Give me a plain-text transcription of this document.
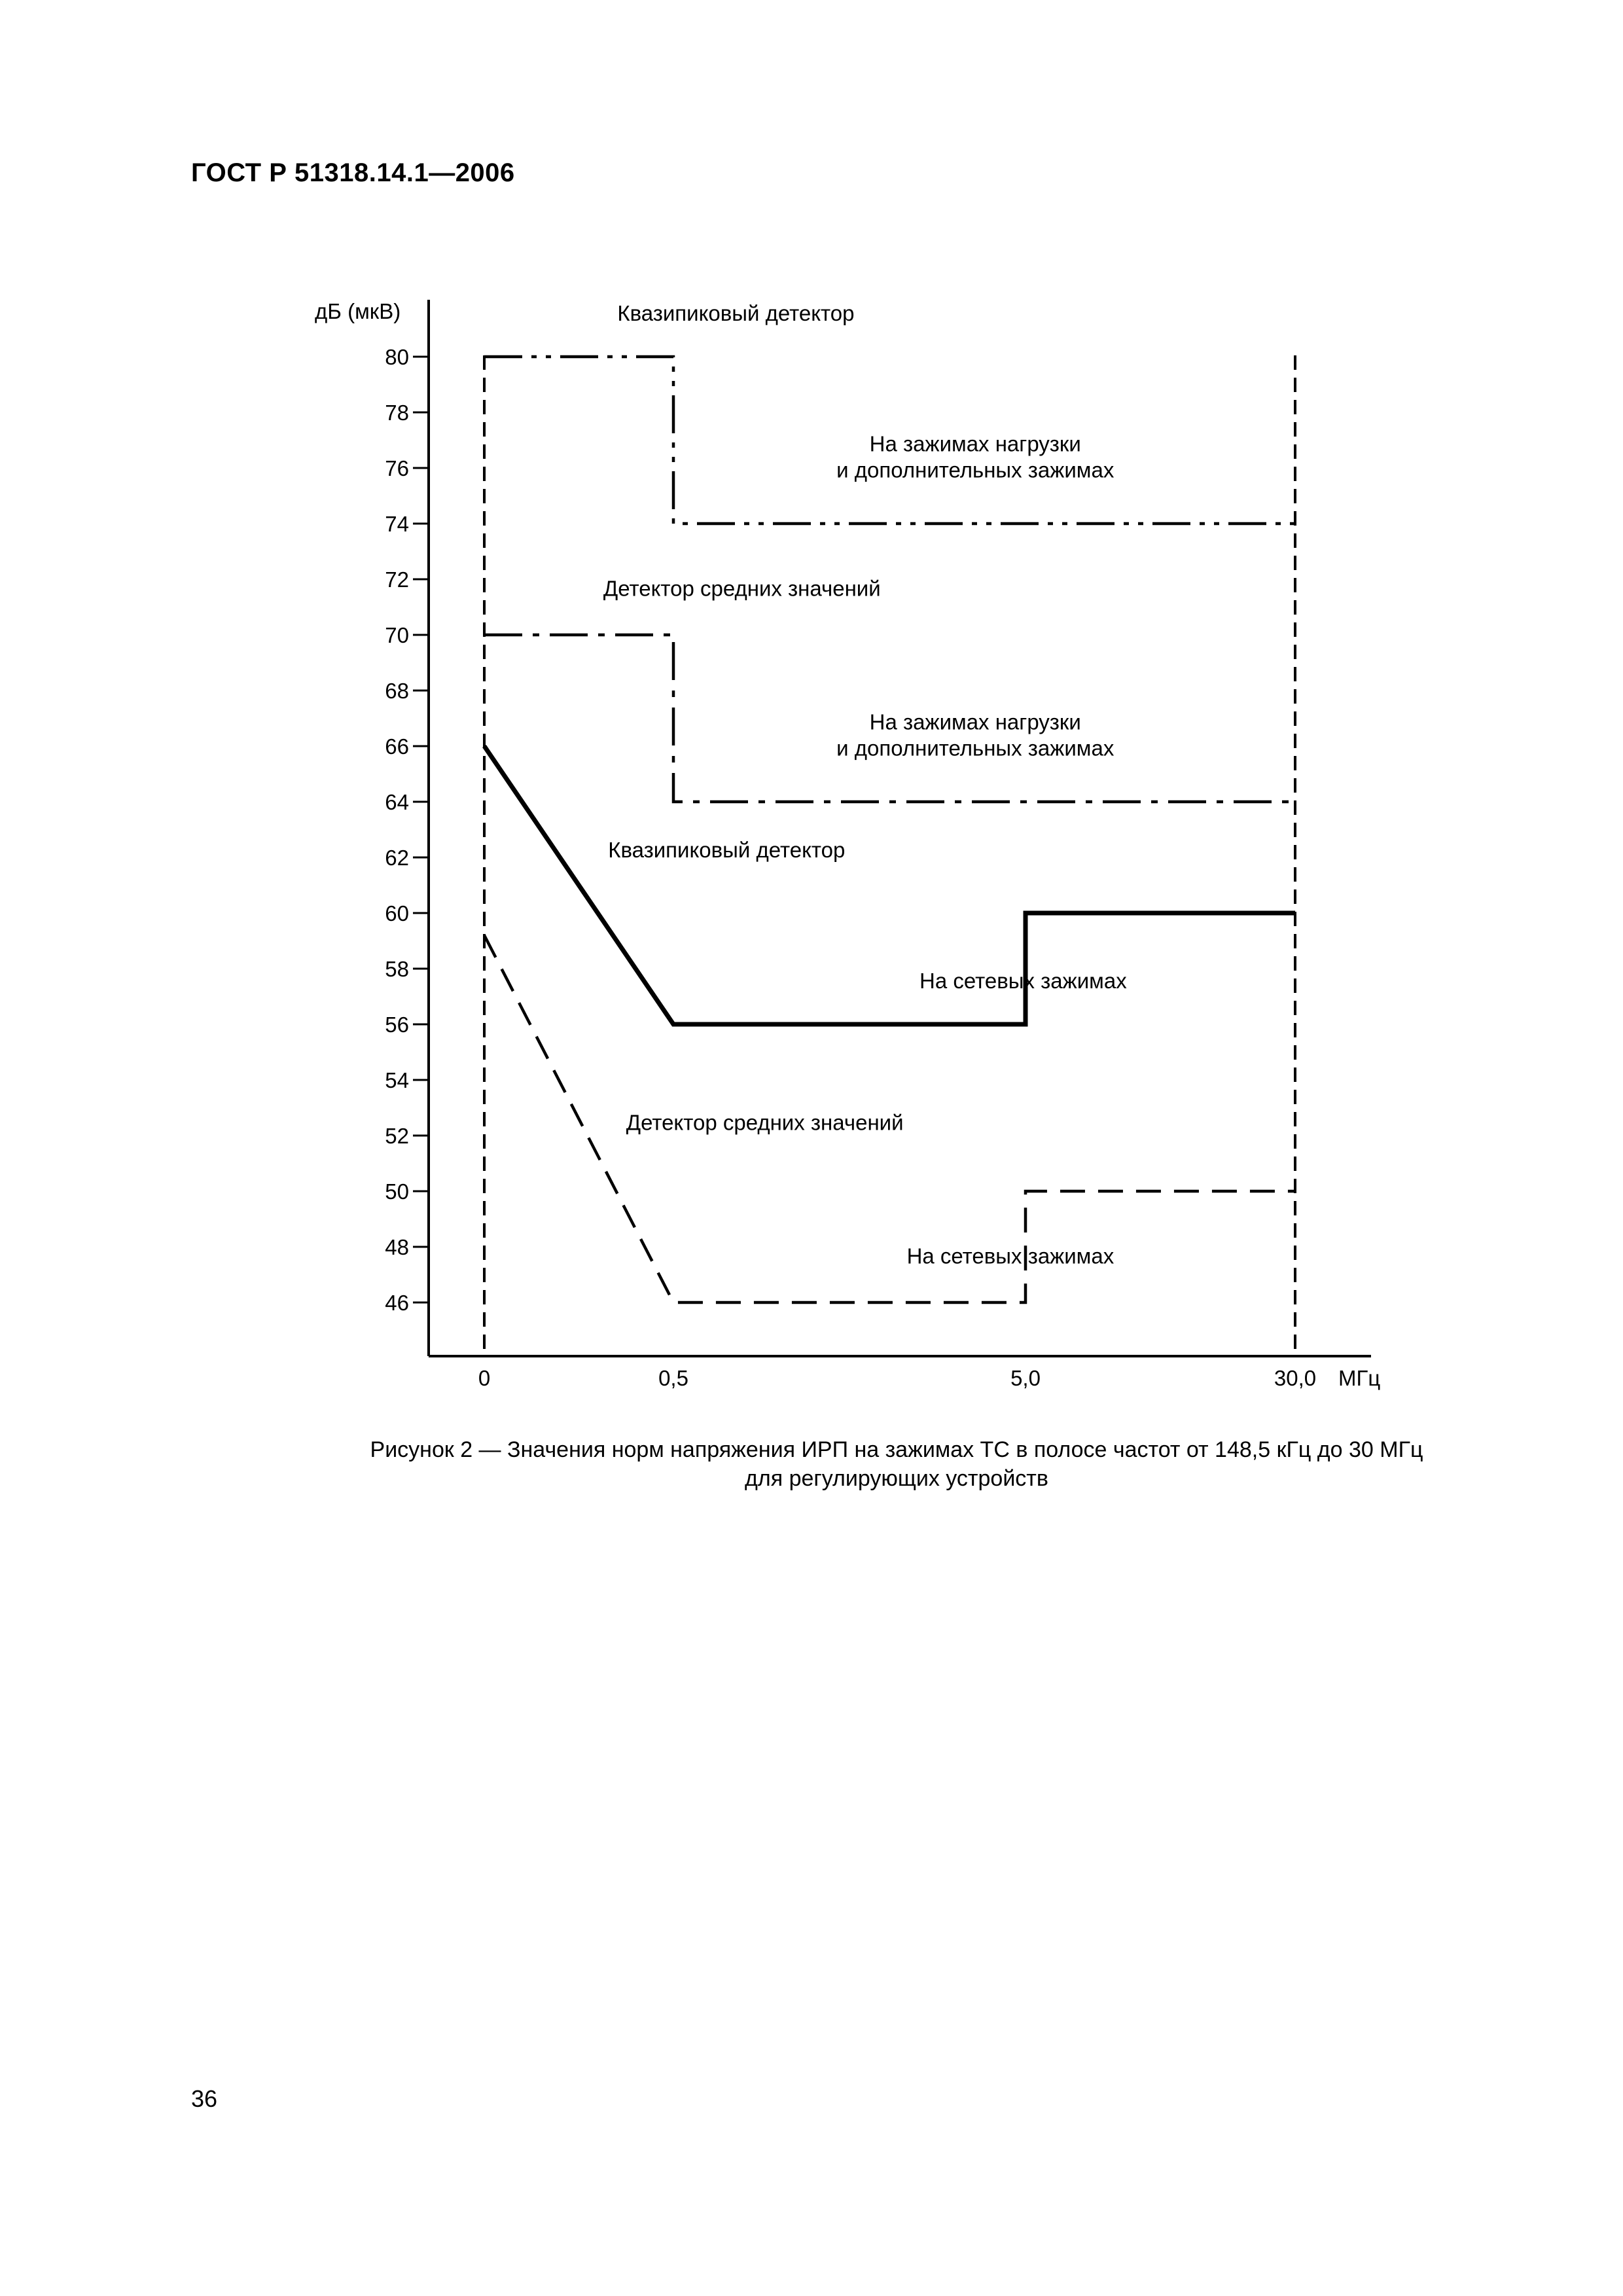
ГОСТ Р 51318.14.1—2006
дБ (мкВ)
46
48
50
52
54
56
58
60
62
64
66
68
70
72
74
76
78
80
0	0,5	5,0	30,0 МГц
Квазипиковый детектор
На зажимах нагрузки
и дополнительных зажимах
Детектор средних значений
На зажимах нагрузки
и дополнительных зажимах
Квазипиковый детектор
На сетевых зажимах
Детектор средних значений
На сетевых зажимах
Рисунок 2 — Значения норм напряжения ИРП на зажимах ТС в полосе частот от 148,5 кГц до 30 МГц
для регулирующих устройств
36
